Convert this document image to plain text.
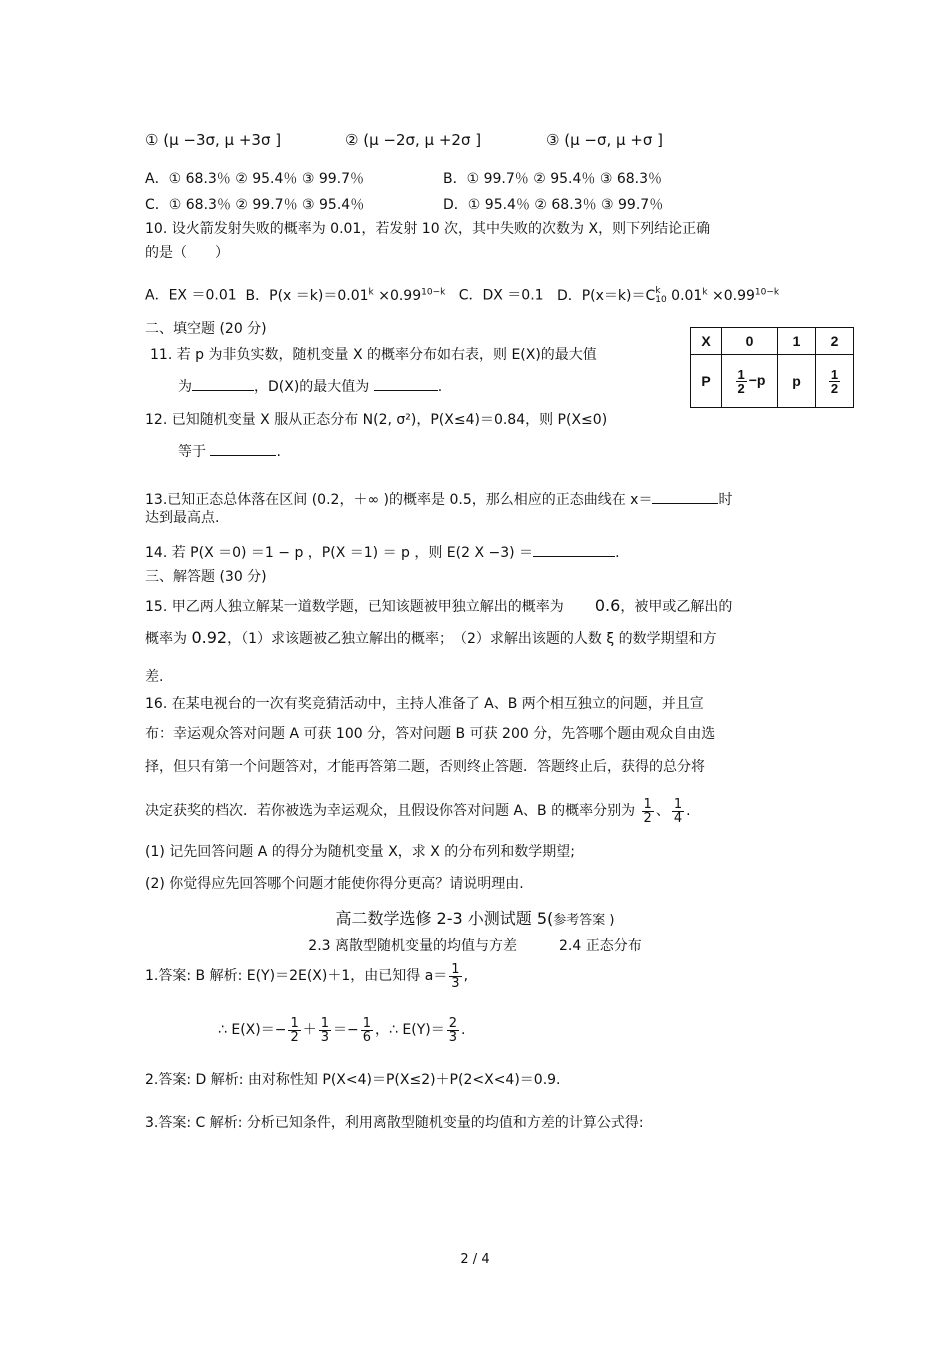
① (μ −3σ, μ +3σ ]	② (μ −2σ, μ +2σ ]	③ (μ −σ, μ +σ ]
A．① 68.3％ ② 95.4％ ③ 99.7％	B．① 99.7％ ② 95.4％ ③ 68.3％
C．① 68.3％ ② 99.7％ ③ 95.4％	D．① 95.4％ ② 68.3％ ③ 99.7％
10. 设火箭发射失败的概率为 0.01，若发射 10 次，其中失败的次数为 X，则下列结论正确
的是（　　）
A．EX ＝0.01 B．$P(x =k)=0.01^k \times 0.99^{10-k}$ C．DX ＝0.1 D．P(x＝k)＝C k
10 $0.01^k \times 0.99^{10-k}$
二、填空题 (20 分)
X	0	1	2
P	$\frac{1}{2} -p$	p	$\frac{1}{2}$
11. 若 p 为非负实数，随机变量 X 的概率分布如右表，则 E(X)的最大值
为	，D(X)的最大值为	.
12. 已知随机变量 X 服从正态分布 N(2, σ²)，P(X≤4)＝0.84，则 P(X≤0)
等于	.
13.已知正态总体落在区间 (0.2，＋∞ )的概率是 0.5，那么相应的正态曲线在 x＝	时
达到最高点.
14. 若 P(X ＝0) ＝1 − p ，P(X ＝1) ＝ p ，则 E(2 X −3) ＝	.
三、解答题 (30 分)
15. 甲乙两人独立解某一道数学题，已知该题被甲独立解出的概率为 0.6，被甲或乙解出的
概率为 0.92，（1）求该题被乙独立解出的概率；　（2）求解出该题的人数 ξ 的数学期望和方
差.
16. 在某电视台的一次有奖竞猜活动中，主持人准备了 A、B 两个相互独立的问题，并且宣
布：幸运观众答对问题 A 可获 100 分，答对问题 B 可获 200 分，先答哪个题由观众自由选
择，但只有第一个问题答对，才能再答第二题，否则终止答题．答题终止后，获得的总分将
决定获奖的档次．若你被选为幸运观众，且假设你答对问题 A、B 的概率分别为 $\frac{1}{2}$ 、 $\frac{1}{4}$ .
(1) 记先回答问题 A 的得分为随机变量 X，求 X 的分布列和数学期望;
(2) 你觉得应先回答哪个问题才能使你得分更高？请说明理由.
高二数学选修 2-3 小测试题 5(参考答案 )
2.3 离散型随机变量的均值与方差　　　2.4 正态分布
1.答案: B 解析: E(Y)＝2E(X)＋1，由已知得 $a= \frac{1}{3}$ ,
∴ $E(X)=- \frac{1}{2} + \frac{1}{3} =- \frac{1}{6}$ ，∴ $E(Y)= \frac{2}{3}$ .
2.答案: D 解析: 由对称性知 P(X<4)＝P(X≤2)＋P(2<X<4)＝0.9.
3.答案: C 解析: 分析已知条件，利用离散型随机变量的均值和方差的计算公式得:
2 / 4
